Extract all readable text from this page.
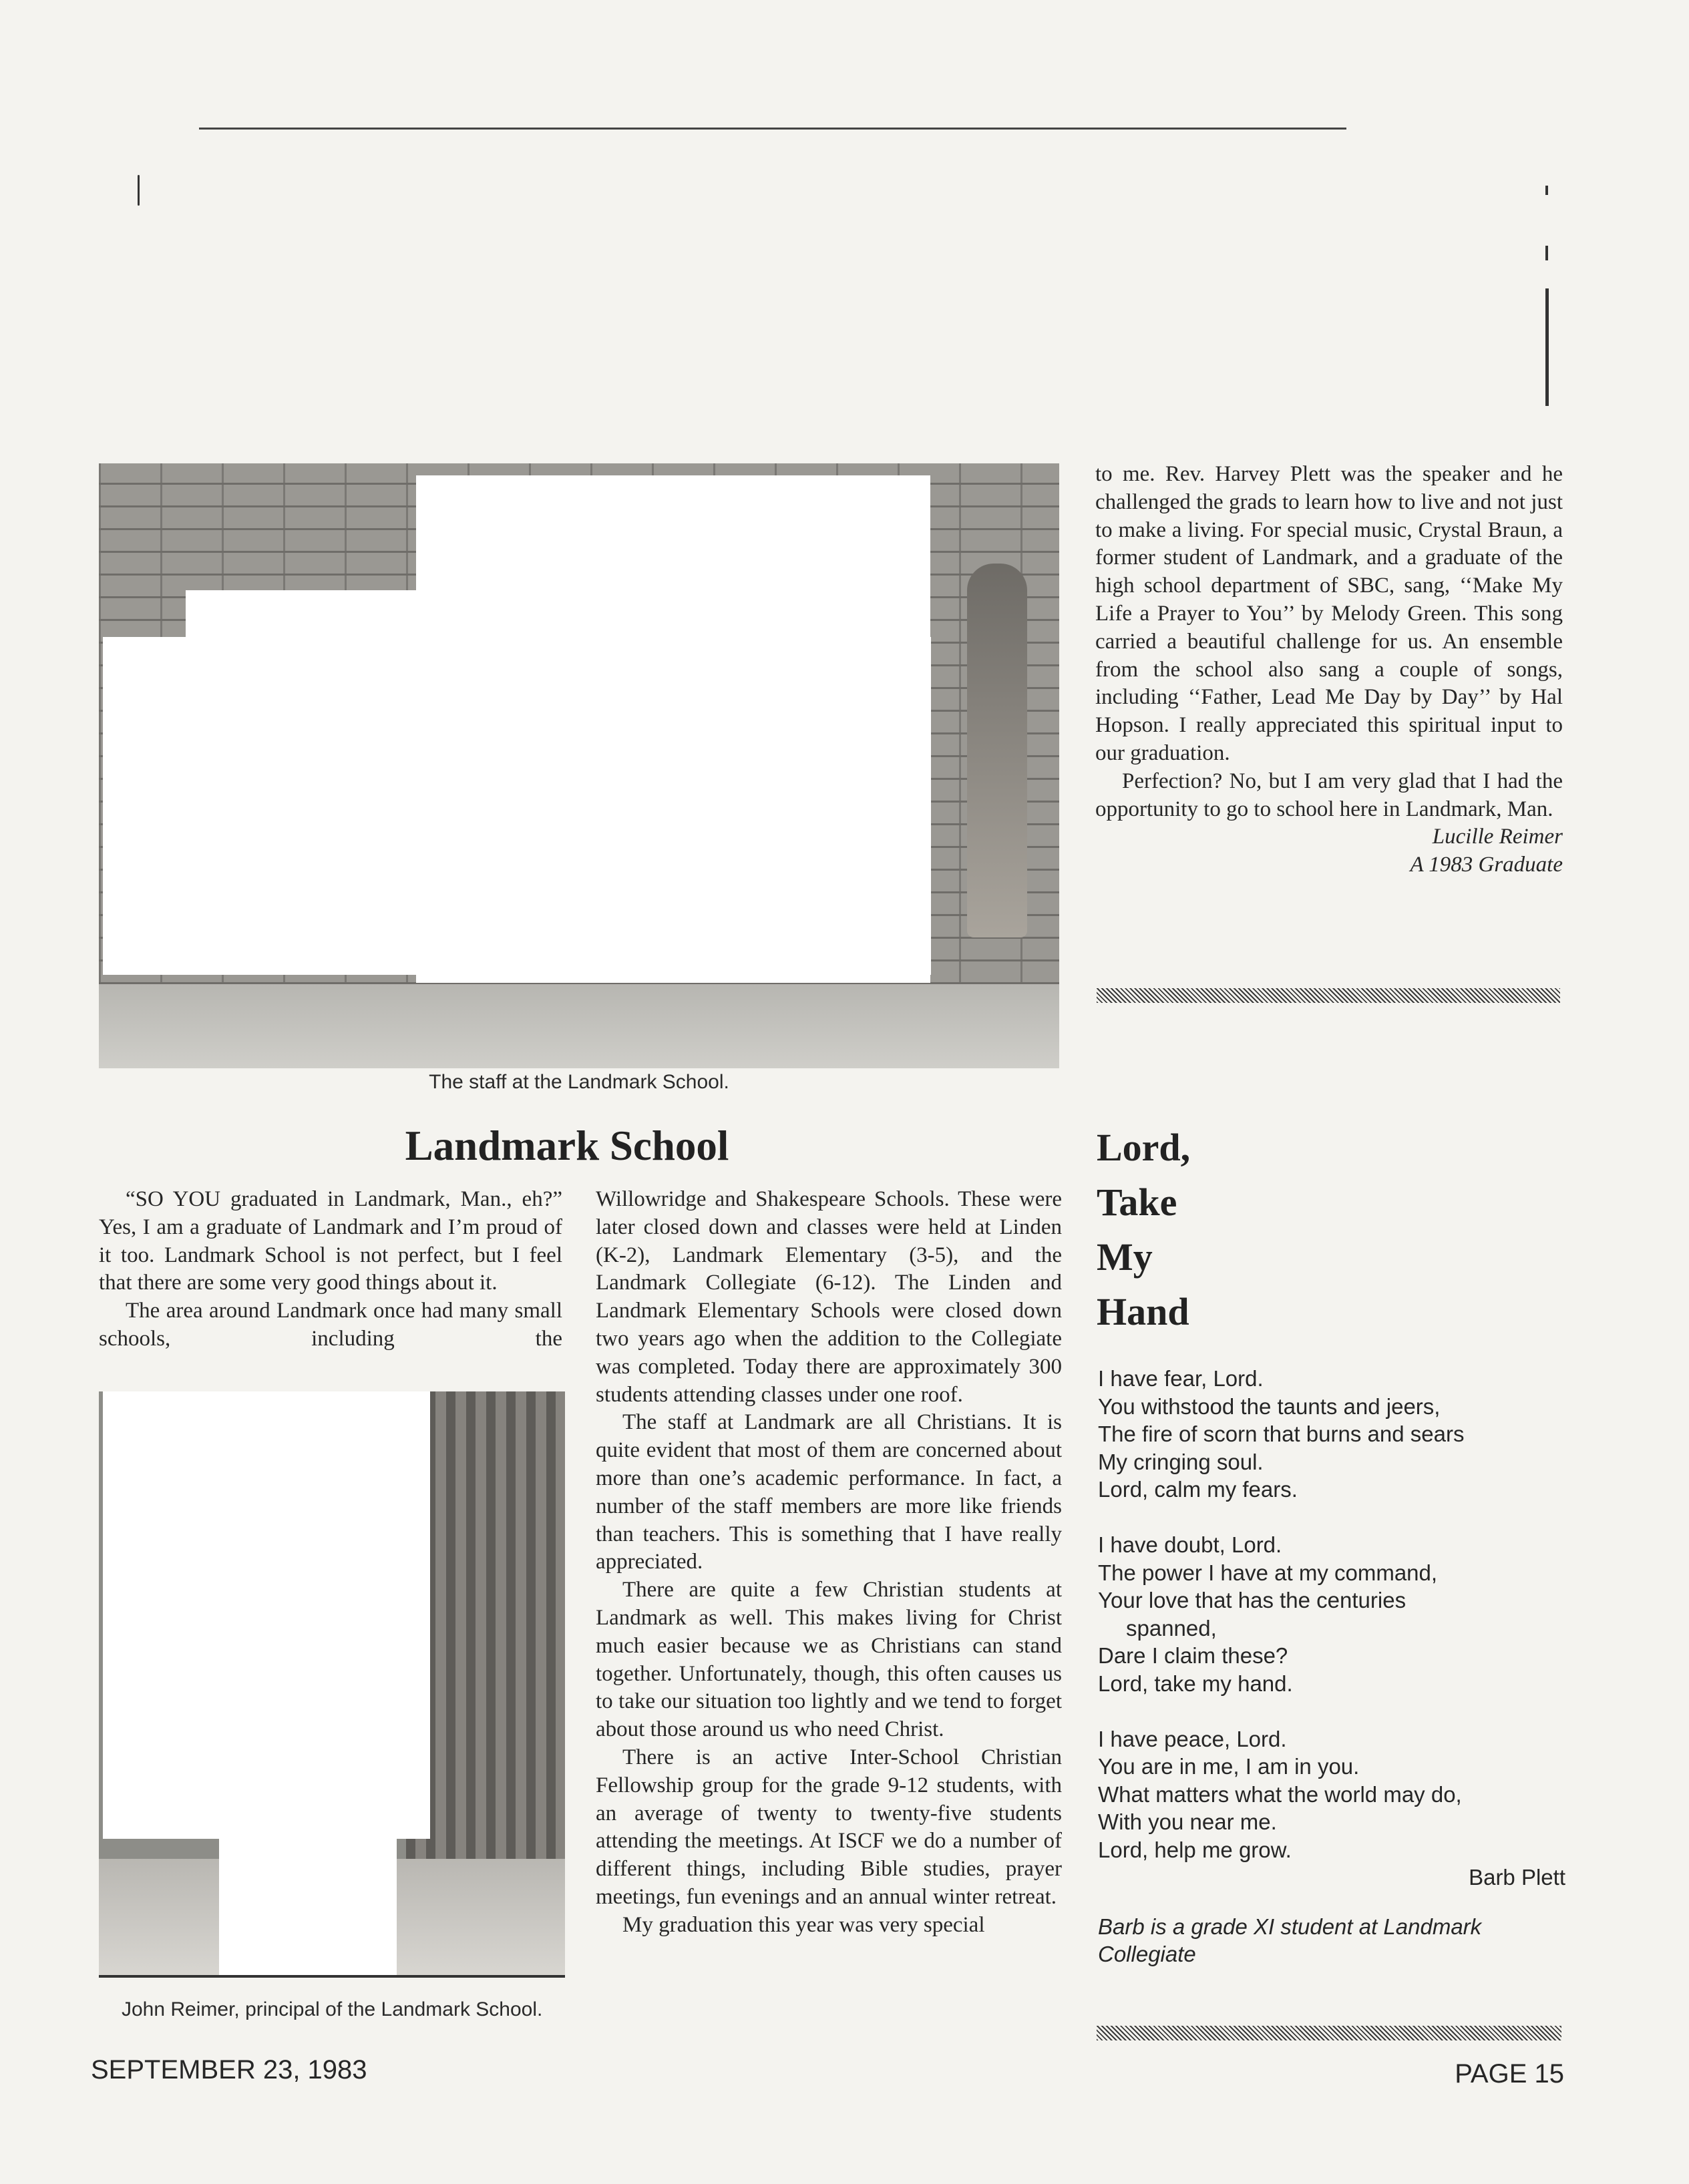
The staff at the Landmark School.
Landmark School

“SO YOU graduated in Landmark, Man., eh?” Yes, I am a graduate of Landmark and I’m proud of it too. Landmark School is not perfect, but I feel that there are some very good things about it.

The area around Landmark once had many small schools, including the

John Reimer, principal of the Landmark School.

Willowridge and Shakespeare Schools. These were later closed down and classes were held at Linden (K-2), Landmark Elementary (3-5), and the Landmark Collegiate (6-12). The Linden and Landmark Elementary Schools were closed down two years ago when the addition to the Collegiate was completed. Today there are approximately 300 students attending classes under one roof.

The staff at Landmark are all Christians. It is quite evident that most of them are concerned about more than one’s academic performance. In fact, a number of the staff members are more like friends than teachers. This is something that I have really appreciated.

There are quite a few Christian students at Landmark as well. This makes living for Christ much easier because we as Christians can stand together. Unfortunately, though, this often causes us to take our situation too lightly and we tend to forget about those around us who need Christ.

There is an active Inter-School Christian Fellowship group for the grade 9-12 students, with an average of twenty to twenty-five students attending the meetings. At ISCF we do a number of different things, including Bible studies, prayer meetings, fun evenings and an annual winter retreat.

My graduation this year was very special

to me. Rev. Harvey Plett was the speaker and he challenged the grads to learn how to live and not just to make a living. For special music, Crystal Braun, a former student of Landmark, and a graduate of the high school department of SBC, sang, ‘‘Make My Life a Prayer to You’’ by Melody Green. This song carried a beautiful challenge for us. An ensemble from the school also sang a couple of songs, including ‘‘Father, Lead Me Day by Day’’ by Hal Hopson. I really appreciated this spiritual input to our graduation.

Perfection? No, but I am very glad that I had the opportunity to go to school here in Landmark, Man.

Lucille Reimer
A 1983 Graduate
Lord,
Take
My
Hand
I have fear, Lord.
You withstood the taunts and jeers,
The fire of scorn that burns and sears
My cringing soul.
Lord, calm my fears.
I have doubt, Lord.
The power I have at my command,
Your love that has the centuries
spanned,
Dare I claim these?
Lord, take my hand.
I have peace, Lord.
You are in me, I am in you.
What matters what the world may do,
With you near me.
Lord, help me grow.
Barb Plett
Barb is a grade XI student at Landmark Collegiate
SEPTEMBER 23, 1983	PAGE 15
